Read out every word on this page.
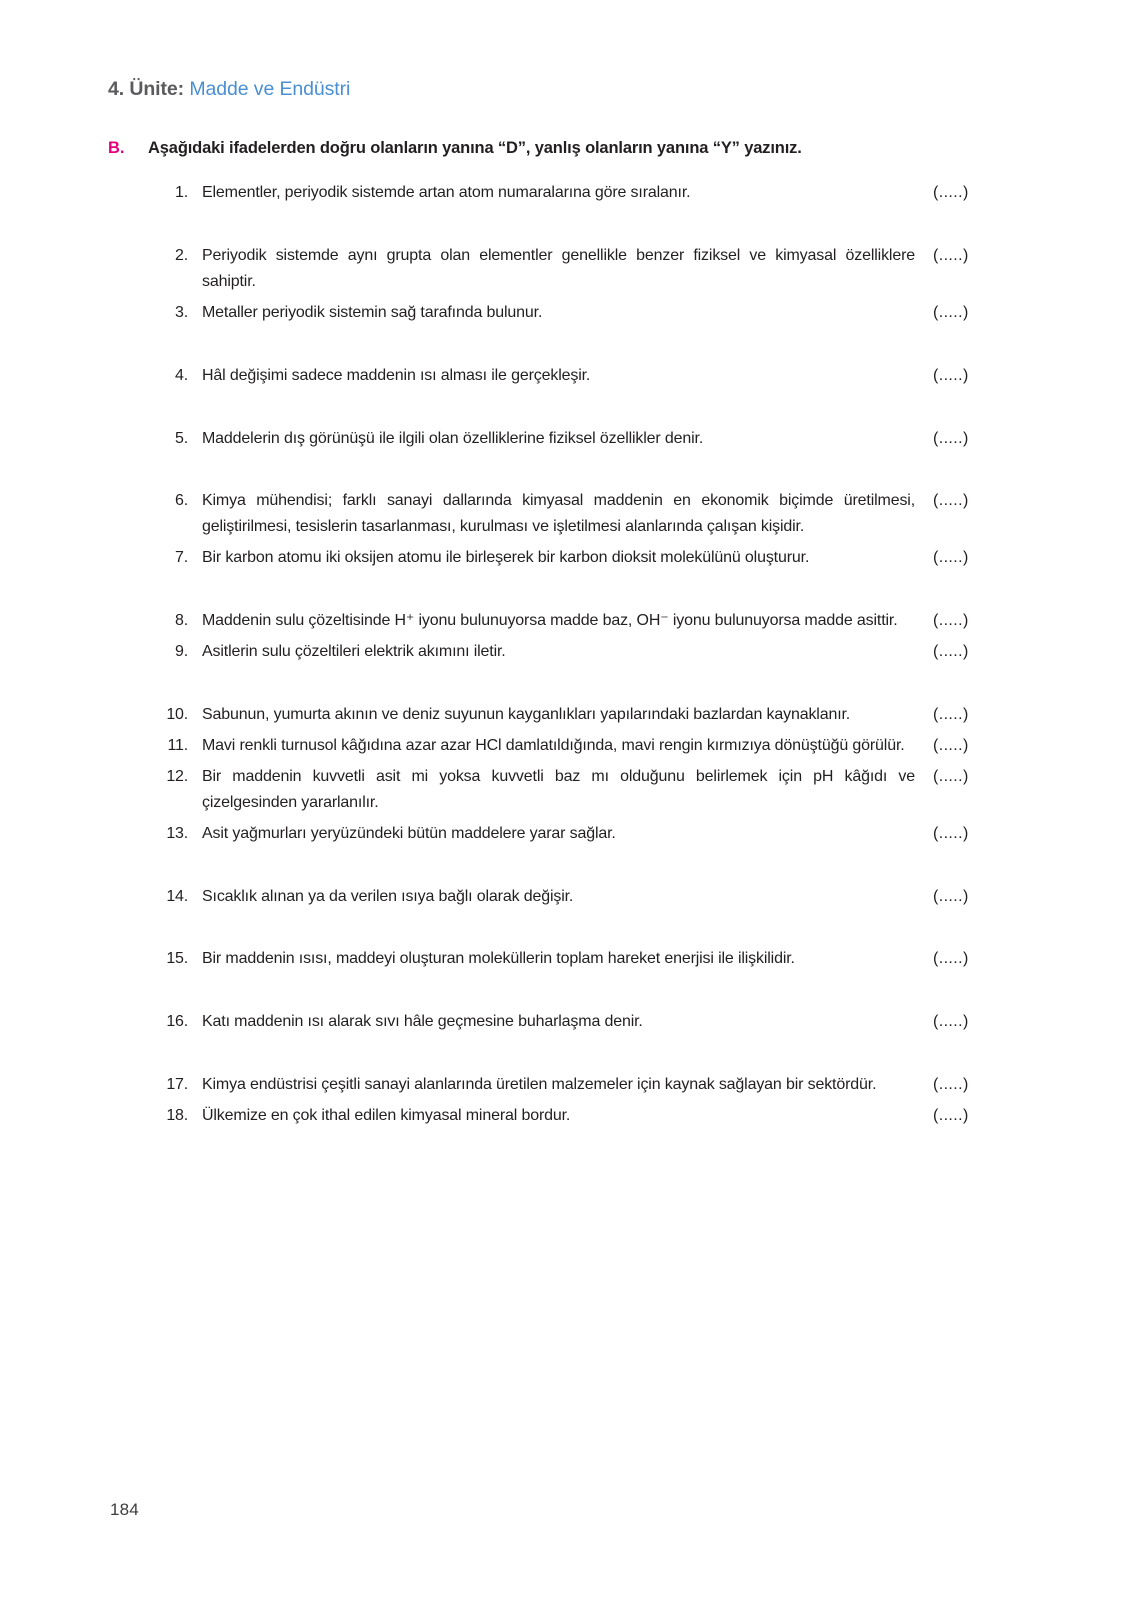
4. Ünite: Madde ve Endüstri
B.	Aşağıdaki ifadelerden doğru olanların yanına “D”, yanlış olanların yanına “Y” yazınız.
1. Elementler, periyodik sistemde artan atom numaralarına göre sıralanır.	(.....)
2. Periyodik sistemde aynı grupta olan elementler genellikle benzer fiziksel ve kimyasal özelliklere sahiptir.
(.....)
3. Metaller periyodik sistemin sağ tarafında bulunur.	(.....)
4. Hâl değişimi sadece maddenin ısı alması ile gerçekleşir.	(.....)
5. Maddelerin dış görünüşü ile ilgili olan özelliklerine fiziksel özellikler denir.	(.....)
6. Kimya mühendisi; farklı sanayi dallarında kimyasal maddenin en ekonomik biçimde üretilmesi, geliştirilmesi, tesislerin tasarlanması, kurulması ve işletilmesi alanlarında çalışan kişidir.
(.....)
7. Bir karbon atomu iki oksijen atomu ile birleşerek bir karbon dioksit molekülünü oluşturur.	(.....)
8. Maddenin sulu çözeltisinde H⁺ iyonu bulunuyorsa madde baz, OH⁻ iyonu bulunuyorsa madde asittir.	(.....)
9. Asitlerin sulu çözeltileri elektrik akımını iletir.	(.....)
10. Sabunun, yumurta akının ve deniz suyunun kayganlıkları yapılarındaki bazlardan kaynaklanır.	(.....)
11. Mavi renkli turnusol kâğıdına azar azar HCl damlatıldığında, mavi rengin kırmızıya dönüştüğü görülür.	(.....)
12. Bir maddenin kuvvetli asit mi yoksa kuvvetli baz mı olduğunu belirlemek için pH kâğıdı ve çizelgesinden yararlanılır.
(.....)
13. Asit yağmurları yeryüzündeki bütün maddelere yarar sağlar.	(.....)
14. Sıcaklık alınan ya da verilen ısıya bağlı olarak değişir.	(.....)
15. Bir maddenin ısısı, maddeyi oluşturan moleküllerin toplam hareket enerjisi ile ilişkilidir.	(.....)
16. Katı maddenin ısı alarak sıvı hâle geçmesine buharlaşma denir.	(.....)
17. Kimya endüstrisi çeşitli sanayi alanlarında üretilen malzemeler için kaynak sağlayan bir sektördür.	(.....)
18. Ülkemize en çok ithal edilen kimyasal mineral bordur.	(.....)
184
